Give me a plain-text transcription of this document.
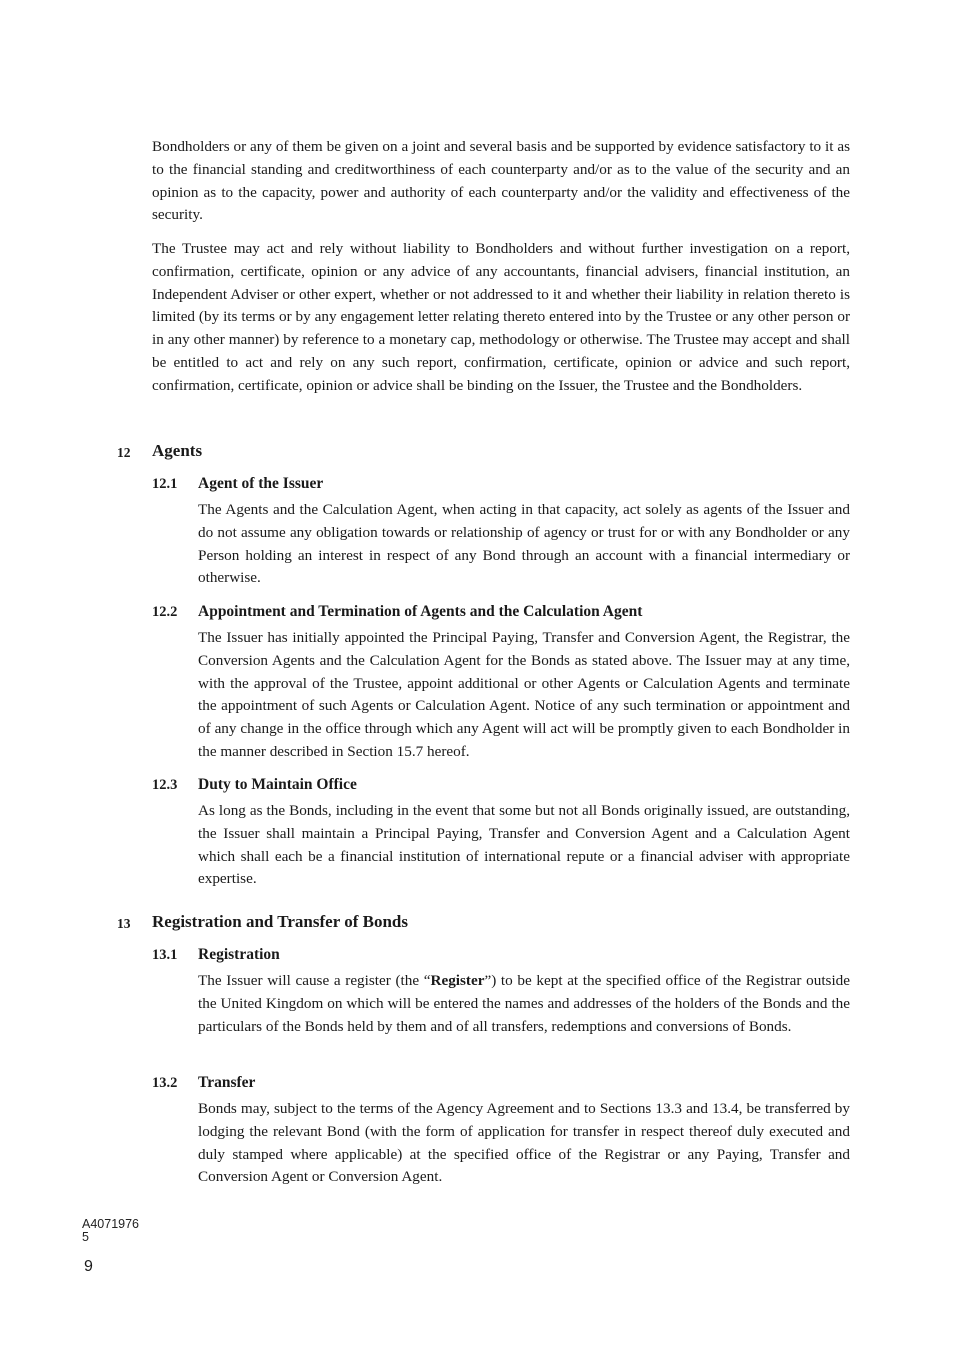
Bondholders or any of them be given on a joint and several basis and be supported by evidence satisfactory to it as to the financial standing and creditworthiness of each counterparty and/or as to the value of the security and an opinion as to the capacity, power and authority of each counterparty and/or the validity and effectiveness of the security.

The Trustee may act and rely without liability to Bondholders and without further investigation on a report, confirmation, certificate, opinion or any advice of any accountants, financial advisers, financial institution, an Independent Adviser or other expert, whether or not addressed to it and whether their liability in relation thereto is limited (by its terms or by any engagement letter relating thereto entered into by the Trustee or any other person or in any other manner) by reference to a monetary cap, methodology or otherwise. The Trustee may accept and shall be entitled to act and rely on any such report, confirmation, certificate, opinion or advice and such report, confirmation, certificate, opinion or advice shall be binding on the Issuer, the Trustee and the Bondholders.

12 Agents
12.1 Agent of the Issuer

The Agents and the Calculation Agent, when acting in that capacity, act solely as agents of the Issuer and do not assume any obligation towards or relationship of agency or trust for or with any Bondholder or any Person holding an interest in respect of any Bond through an account with a financial intermediary or otherwise.

12.2 Appointment and Termination of Agents and the Calculation Agent

The Issuer has initially appointed the Principal Paying, Transfer and Conversion Agent, the Registrar, the Conversion Agents and the Calculation Agent for the Bonds as stated above. The Issuer may at any time, with the approval of the Trustee, appoint additional or other Agents or Calculation Agents and terminate the appointment of such Agents or Calculation Agent. Notice of any such termination or appointment and of any change in the office through which any Agent will act will be promptly given to each Bondholder in the manner described in Section 15.7 hereof.

12.3 Duty to Maintain Office

As long as the Bonds, including in the event that some but not all Bonds originally issued, are outstanding, the Issuer shall maintain a Principal Paying, Transfer and Conversion Agent and a Calculation Agent which shall each be a financial institution of international repute or a financial adviser with appropriate expertise.

13 Registration and Transfer of Bonds
13.1 Registration

The Issuer will cause a register (the “Register”) to be kept at the specified office of the Registrar outside the United Kingdom on which will be entered the names and addresses of the holders of the Bonds and the particulars of the Bonds held by them and of all transfers, redemptions and conversions of Bonds.

13.2 Transfer

Bonds may, subject to the terms of the Agency Agreement and to Sections 13.3 and 13.4, be transferred by lodging the relevant Bond (with the form of application for transfer in respect thereof duly executed and duly stamped where applicable) at the specified office of the Registrar or any Paying, Transfer and Conversion Agent or Conversion Agent.

A4071976
5
9
